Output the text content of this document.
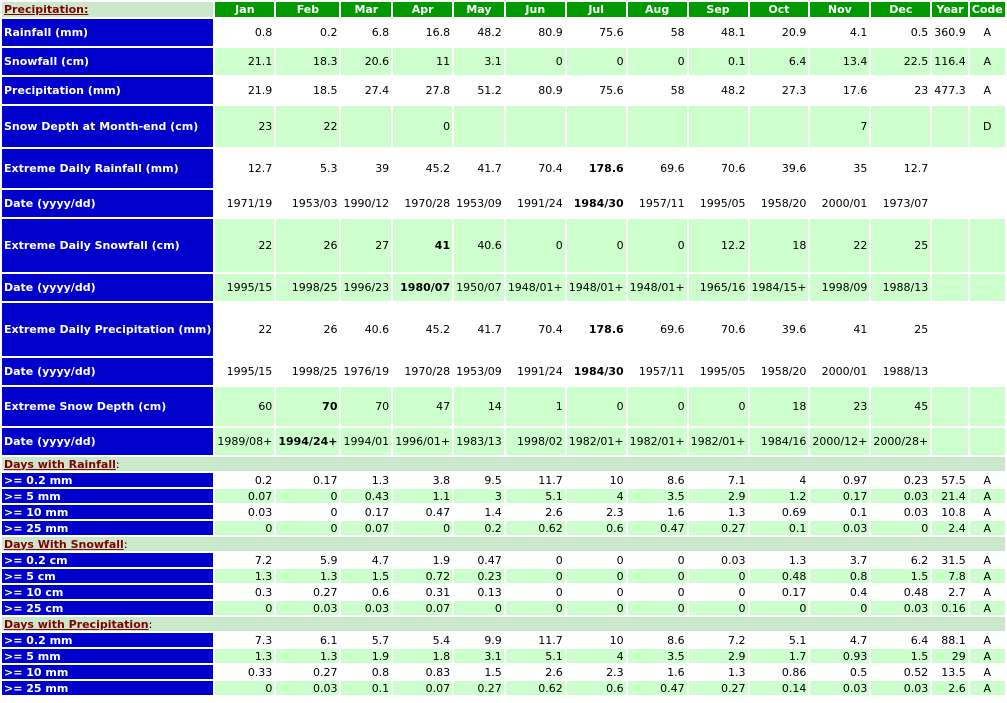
Precipitation:	Jan	Feb	Mar	Apr	May	Jun	Jul	Aug	Sep	Oct	Nov	Dec	Year	Code
Rainfall (mm)	0.8	0.2	6.8	16.8	48.2	80.9	75.6	58	48.1	20.9	4.1	0.5	360.9	A
Snowfall (cm)	21.1	18.3	20.6	11	3.1	0	0	0	0.1	6.4	13.4	22.5	116.4	A
Precipitation (mm)	21.9	18.5	27.4	27.8	51.2	80.9	75.6	58	48.2	27.3	17.6	23	477.3	A
Snow Depth at Month-end (cm)	23	22		0							7			D
Extreme Daily Rainfall (mm)	12.7	5.3	39	45.2	41.7	70.4	178.6	69.6	70.6	39.6	35	12.7		
Date (yyyy/dd)	1971/19	1953/03	1990/12	1970/28	1953/09	1991/24	1984/30	1957/11	1995/05	1958/20	2000/01	1973/07		
Extreme Daily Snowfall (cm)	22	26	27	41	40.6	0	0	0	12.2	18	22	25		
Date (yyyy/dd)	1995/15	1998/25	1996/23	1980/07	1950/07	1948/01+	1948/01+	1948/01+	1965/16	1984/15+	1998/09	1988/13		
Extreme Daily Precipitation (mm)	22	26	40.6	45.2	41.7	70.4	178.6	69.6	70.6	39.6	41	25		
Date (yyyy/dd)	1995/15	1998/25	1976/19	1970/28	1953/09	1991/24	1984/30	1957/11	1995/05	1958/20	2000/01	1988/13		
Extreme Snow Depth (cm)	60	70	70	47	14	1	0	0	0	18	23	45		
Date (yyyy/dd)	1989/08+	1994/24+	1994/01	1996/01+	1983/13	1998/02	1982/01+	1982/01+	1982/01+	1984/16	2000/12+	2000/28+		
Days with Rainfall:														
>= 0.2 mm	0.2	0.17	1.3	3.8	9.5	11.7	10	8.6	7.1	4	0.97	0.23	57.5	A
>= 5 mm	0.07	0	0.43	1.1	3	5.1	4	3.5	2.9	1.2	0.17	0.03	21.4	A
>= 10 mm	0.03	0	0.17	0.47	1.4	2.6	2.3	1.6	1.3	0.69	0.1	0.03	10.8	A
>= 25 mm	0	0	0.07	0	0.2	0.62	0.6	0.47	0.27	0.1	0.03	0	2.4	A
Days With Snowfall:														
>= 0.2 cm	7.2	5.9	4.7	1.9	0.47	0	0	0	0.03	1.3	3.7	6.2	31.5	A
>= 5 cm	1.3	1.3	1.5	0.72	0.23	0	0	0	0	0.48	0.8	1.5	7.8	A
>= 10 cm	0.3	0.27	0.6	0.31	0.13	0	0	0	0	0.17	0.4	0.48	2.7	A
>= 25 cm	0	0.03	0.03	0.07	0	0	0	0	0	0	0	0.03	0.16	A
Days with Precipitation:														
>= 0.2 mm	7.3	6.1	5.7	5.4	9.9	11.7	10	8.6	7.2	5.1	4.7	6.4	88.1	A
>= 5 mm	1.3	1.3	1.9	1.8	3.1	5.1	4	3.5	2.9	1.7	0.93	1.5	29	A
>= 10 mm	0.33	0.27	0.8	0.83	1.5	2.6	2.3	1.6	1.3	0.86	0.5	0.52	13.5	A
>= 25 mm	0	0.03	0.1	0.07	0.27	0.62	0.6	0.47	0.27	0.14	0.03	0.03	2.6	A
